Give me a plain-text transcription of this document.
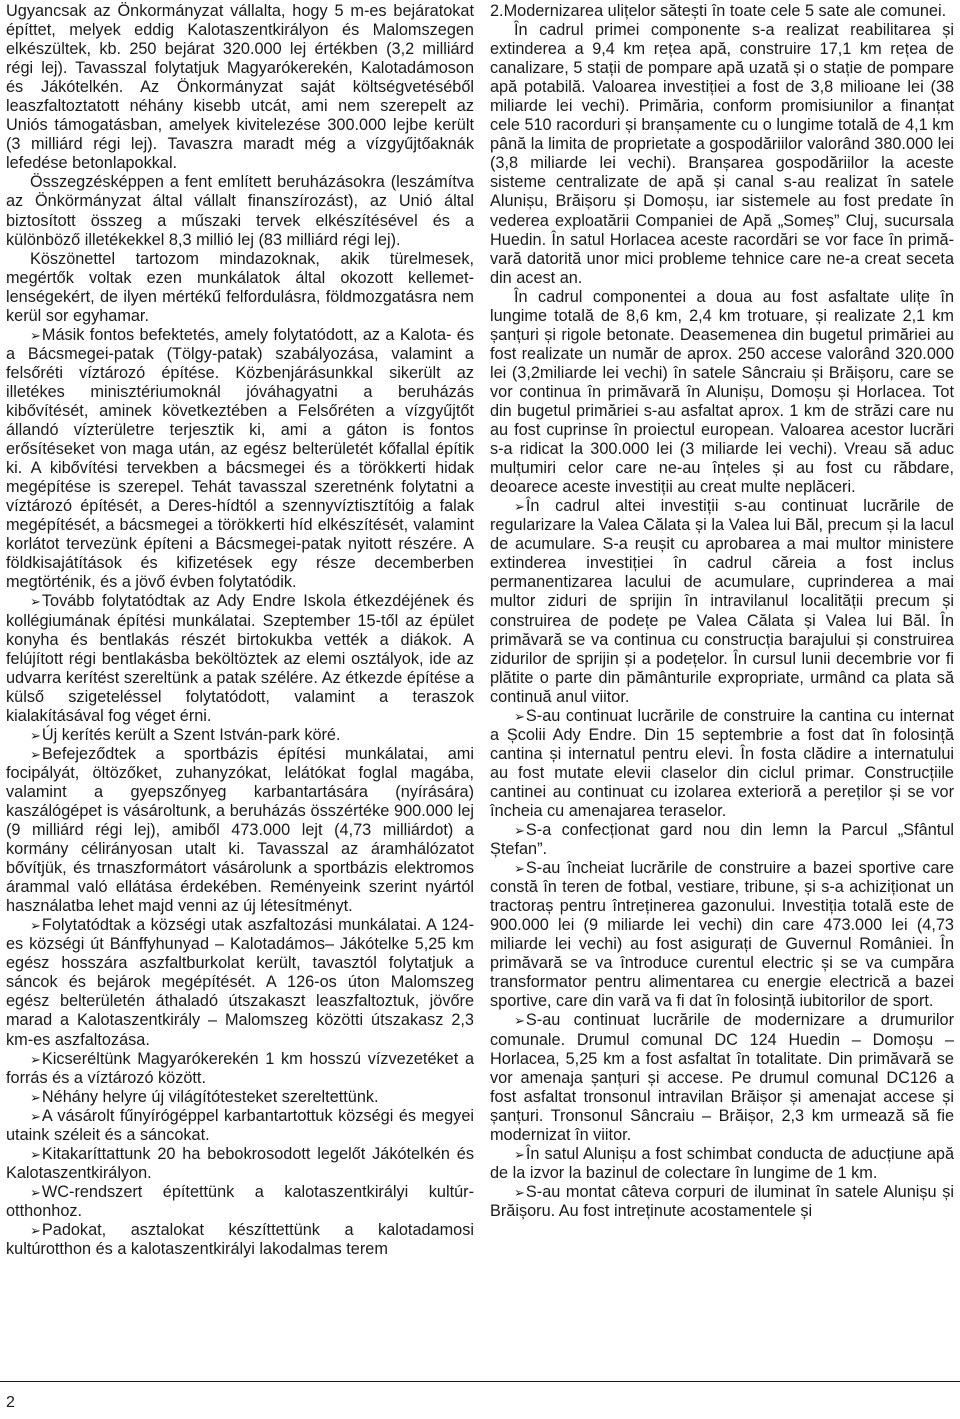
Ugyancsak az Önkormányzat vállalta, hogy 5 m-es bejáratokat építtet, melyek eddig Kalotaszentkirályon és Malomszegen elkészültek, kb. 250 bejárat 320.000 lej értékben (3,2 milliárd régi lej). Tavasszal folytatjuk Magyarókerekén, Kalotadámoson és Jákótelkén. Az Önkormányzat saját költségvetéséből leaszfaltoztatott néhány kisebb utcát, ami nem szerepelt az Uniós támogatásban, amelyek kivitelezése 300.000 lejbe került (3 milliárd régi lej). Tavaszra maradt még a vízgyűjtőaknák lefedése betonlapokkal.

Összegzésképpen a fent említett beruházásokra (leszámítva az Önkörmányzat által vállalt finanszírozást), az Unió által biztosított összeg a műszaki tervek elkészítésével és a különböző illetékekkel 8,3 millió lej (83 milliárd régi lej).

Köszönettel tartozom mindazoknak, akik türelmesek, megértők voltak ezen munkálatok által okozott kellemetlenségekért, de ilyen mértékű felfordulásra, földmozgatásra nem kerül sor egyhamar.

➢Másik fontos befektetés, amely folytatódott, az a Kalota- és a Bácsmegei-patak (Tölgy-patak) szabályozása, valamint a felsőréti víztározó építése. Közbenjárásunkkal sikerült az illetékes minisztériumoknál jóváhagyatni a beruházás kibővítését, aminek következtében a Felsőréten a vízgyűjtőt állandó vízterületre terjesztik ki, ami a gáton is fontos erősítéseket von maga után, az egész belterületét kőfallal építik ki. A kibővítési tervekben a bácsmegei és a törökkerti hidak megépítése is szerepel. Tehát tavasszal szeretnénk folytatni a víztározó építését, a Deres-hídtól a szennyvíztisztítóig a falak megépítését, a bácsmegei a törökkerti híd elkészítését, valamint korlátot tervezünk építeni a Bácsmegei-patak nyitott részére. A földkisajátítások és kifizetések egy része decemberben megtörténik, és a jövő évben folytatódik.

➢Tovább folytatódtak az Ady Endre Iskola étkezdéjének és kollégiumának építési munkálatai. Szeptember 15-től az épület konyha és bentlakás részét birtokukba vették a diákok. A felújított régi bentlakásba beköltöztek az elemi osztályok, ide az udvarra kerítést szereltünk a patak szélére. Az étkezde építése a külső szigeteléssel folytatódott, valamint a teraszok kialakításával fog véget érni.

➢Új kerítés került a Szent István-park köré.

➢Befejeződtek a sportbázis építési munkálatai, ami focipályát, öltözőket, zuhanyzókat, lelátókat foglal magába, valamint a gyepszőnyeg karbantartására (nyírására) kaszálógépet is vásároltunk, a beruházás összértéke 900.000 lej (9 milliárd régi lej), amiből 473.000 lejt (4,73 milliárdot) a kormány célirányosan utalt ki. Tavasszal az áramhálózatot bővítjük, és trnaszformátort vásárolunk a sportbázis elektromos árammal való ellátása érdekében. Reményeink szerint nyártól használatba lehet majd venni az új létesítményt.

➢Folytatódtak a községi utak aszfaltozási munkálatai. A 124-es községi út Bánffyhunyad – Kalotadámos– Jákótelke 5,25 km egész hosszára aszfaltburkolat került, tavasztól folytatjuk a sáncok és bejárok megépítését. A 126-os úton Malomszeg egész belterületén áthaladó útszakaszt leaszfaltoztuk, jövőre marad a Kalotaszentkirály – Malomszeg közötti útszakasz 2,3 km-es aszfaltozása.

➢Kicseréltünk Magyarókerekén 1 km hosszú vízvezetéket a forrás és a víztározó között.

➢Néhány helyre új világítótesteket szereltettünk.

➢A vásárolt fűnyírógéppel karbantartottuk községi és megyei utaink széleit és a sáncokat.

➢Kitakaríttattunk 20 ha bebokrosodott legelőt Jákótelkén és Kalotaszentkirályon.

➢WC-rendszert építettünk a kalotaszentkirályi kultúrotthonhoz.

➢Padokat, asztalokat készíttettünk a kalotadamosi kultúrotthon és a kalotaszentkirályi lakodalmas terem

2.Modernizarea ulițelor sătești în toate cele 5 sate ale comunei.

În cadrul primei componente s-a realizat reabilitarea și extinderea a 9,4 km rețea apă, construire 17,1 km rețea de canalizare, 5 stații de pompare apă uzată și o stație de pompare apă potabilă. Valoarea investiției a fost de 3,8 milioane lei (38 miliarde lei vechi). Primăria, conform promisiunilor a finanțat cele 510 racorduri și branșamente cu o lungime totală de 4,1 km până la limita de proprietate a gospodăriilor valorând 380.000 lei (3,8 miliarde lei vechi). Branșarea gospodăriilor la aceste sisteme centralizate de apă și canal s-au realizat în satele Alunișu, Brăișoru și Domoșu, iar sistemele au fost predate în vederea exploatării Companiei de Apă „Someș” Cluj, sucursala Huedin. În satul Horlacea aceste racordări se vor face în primăvară datorită unor mici probleme tehnice care ne-a creat seceta din acest an.

În cadrul componentei a doua au fost asfaltate ulițe în lungime totală de 8,6 km, 2,4 km trotuare, și realizate 2,1 km șanțuri și rigole betonate. Deasemenea din bugetul primăriei au fost realizate un număr de aprox. 250 accese valorând 320.000 lei (3,2miliarde lei vechi) în satele Sâncraiu și Brăișoru, care se vor continua în primăvară în Alunișu, Domoșu și Horlacea. Tot din bugetul primăriei s-au asfaltat aprox. 1 km de străzi care nu au fost cuprinse în proiectul european. Valoarea acestor lucrări s-a ridicat la 300.000 lei (3 miliarde lei vechi). Vreau să aduc mulțumiri celor care ne-au înțeles și au fost cu răbdare, deoarece aceste investiții au creat multe neplăceri.

➢În cadrul altei investiții s-au continuat lucrările de regularizare la Valea Călata și la Valea lui Băl, precum și la lacul de acumulare. S-a reușit cu aprobarea a mai multor ministere extinderea investiției în cadrul căreia a fost inclus permanentizarea lacului de acumulare, cuprinderea a mai multor ziduri de sprijin în intravilanul localității precum și construirea de podețe pe Valea Călata și Valea lui Băl. În primăvară se va continua cu construcția barajului și construirea zidurilor de sprijin și a podețelor. În cursul lunii decembrie vor fi plătite o parte din pământurile expropriate, urmând ca plata să continuă anul viitor.

➢S-au continuat lucrările de construire la cantina cu internat a Școlii Ady Endre. Din 15 septembrie a fost dat în folosință cantina și internatul pentru elevi. În fosta clădire a internatului au fost mutate elevii claselor din ciclul primar. Construcțiile cantinei au continuat cu izolarea exterioră a pereților și se vor încheia cu amenajarea teraselor.

➢S-a confecționat gard nou din lemn la Parcul „Sfântul Ștefan”.

➢S-au încheiat lucrările de construire a bazei sportive care constă în teren de fotbal, vestiare, tribune, și s-a achiziționat un tractorаș pentru întreținerea gazonului. Investiția totală este de 900.000 lei (9 miliarde lei vechi) din care 473.000 lei (4,73 miliarde lei vechi) au fost asigurați de Guvernul României. În primăvară se va întroduce curentul electric și se va cumpăra transformator pentru alimentarea cu energie electrică a bazei sportive, care din vară va fi dat în folosință iubitorilor de sport.

➢S-au continuat lucrările de modernizare a drumurilor comunale. Drumul comunal DC 124 Huedin – Domoșu – Horlacea, 5,25 km a fost asfaltat în totalitate. Din primăvară se vor amenaja șanțuri și accese. Pe drumul comunal DC126 a fost asfaltat tronsonul intravilan Brăișor și amenajat accese și șanțuri. Tronsonul Sâncraiu – Brăișor, 2,3 km urmează să fie modernizat în viitor.

➢În satul Alunișu a fost schimbat conducta de aducțiune apă de la izvor la bazinul de colectare în lungime de 1 km.

➢S-au montat câteva corpuri de iluminat în satele Alunișu și Brăișoru. Au fost intreținute acostamentele și

2
